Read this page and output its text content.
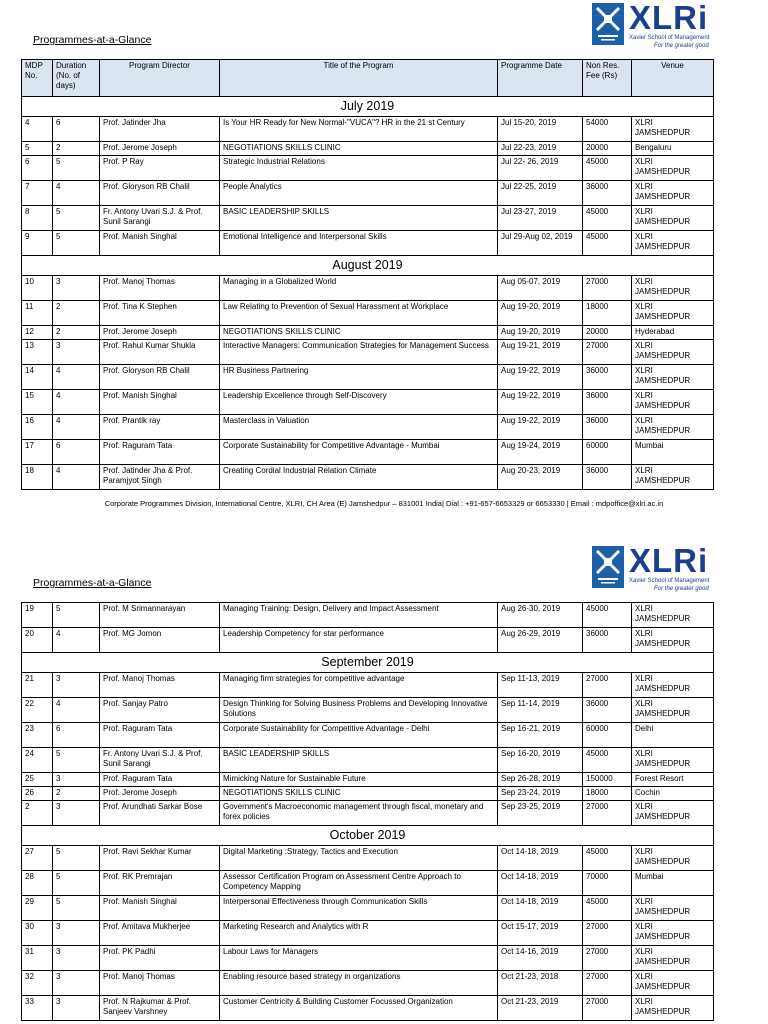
Programmes-at-a-Glance
XLRi
Xavier School of Management
For the greater good
MDP No.	Duration (No. of days)	Program Director	Title of the Program	Programme Date	Non Res. Fee (Rs)	Venue
July 2019						
4	6	Prof. Jatinder Jha	Is Your HR Ready for New Normal-"VUCA"? HR in the 21 st Century	Jul 15-20, 2019	54000	XLRI JAMSHEDPUR
5	2	Prof. Jerome Joseph	NEGOTIATIONS SKILLS CLINIC	Jul 22-23, 2019	20000	Bengaluru
6	5	Prof. P Ray	Strategic Industrial Relations	Jul 22- 26, 2019	45000	XLRI JAMSHEDPUR
7	4	Prof. Gloryson RB Chalil	People Analytics	Jul 22-25, 2019	36000	XLRI JAMSHEDPUR
8	5	Fr. Antony Uvari S.J. & Prof. Sunil Sarangi	BASIC LEADERSHIP SKILLS	Jul 23-27, 2019	45000	XLRI JAMSHEDPUR
9	5	Prof. Manish Singhal	Emotional Intelligence and Interpersonal Skills	Jul 29-Aug 02, 2019	45000	XLRI JAMSHEDPUR
August 2019						
10	3	Prof. Manoj Thomas	Managing in a Globalized World	Aug 05-07, 2019	27000	XLRI JAMSHEDPUR
11	2	Prof. Tina K Stephen	Law Relating to Prevention of Sexual Harassment at Workplace	Aug 19-20, 2019	18000	XLRI JAMSHEDPUR
12	2	Prof. Jerome Joseph	NEGOTIATIONS SKILLS CLINIC	Aug 19-20, 2019	20000	Hyderabad
13	3	Prof. Rahul Kumar Shukla	Interactive Managers: Communication Strategies for Management Success	Aug 19-21, 2019	27000	XLRI JAMSHEDPUR
14	4	Prof. Gloryson RB Chalil	HR Business Partnering	Aug 19-22, 2019	36000	XLRI JAMSHEDPUR
15	4	Prof. Manish Singhal	Leadership Excellence through Self-Discovery	Aug 19-22, 2019	36000	XLRI JAMSHEDPUR
16	4	Prof. Prantik ray	Masterclass in Valuation	Aug 19-22, 2019	36000	XLRI JAMSHEDPUR
17	6	Prof. Raguram Tata	Corporate Sustainability for Competitive Advantage - Mumbai	Aug 19-24, 2019	60000	Mumbai
18	4	Prof. Jatinder Jha & Prof. Paramjyot Singh	Creating Cordial Industrial Relation Climate	Aug 20-23, 2019	36000	XLRI JAMSHEDPUR
Corporate Programmes Division, International Centre, XLRI, CH Area (E) Jamshedpur – 831001 India| Dial : +91-657-6653329 or 6653330 | Email : mdpoffice@xlri.ac.in
Programmes-at-a-Glance
XLRi
Xavier School of Management
For the greater good
19	5	Prof. M Srimannarayan	Managing Training: Design, Delivery and Impact Assessment	Aug 26-30, 2019	45000	XLRI JAMSHEDPUR
20	4	Prof. MG Jomon	Leadership Competency for star performance	Aug 26-29, 2019	36000	XLRI JAMSHEDPUR
September 2019						
21	3	Prof. Manoj Thomas	Managing firm strategies for competitive advantage	Sep 11-13, 2019	27000	XLRI JAMSHEDPUR
22	4	Prof. Sanjay Patro	Design Thinking for Solving Business Problems and Developing Innovative Solutions	Sep 11-14, 2019	36000	XLRI JAMSHEDPUR
23	6	Prof. Raguram Tata	Corporate Sustainability for Competitive Advantage - Delhi	Sep 16-21, 2019	60000	Delhi
24	5	Fr. Antony Uvari S.J. & Prof. Sunil Sarangi	BASIC LEADERSHIP SKILLS	Sep 16-20, 2019	45000	XLRI JAMSHEDPUR
25	3	Prof. Raguram Tata	Mimicking Nature for Sustainable Future	Sep 26-28, 2019	150000	Forest Resort
26	2	Prof. Jerome Joseph	NEGOTIATIONS SKILLS CLINIC	Sep 23-24, 2019	18000	Cochin
2	3	Prof. Arundhati Sarkar Bose	Government's Macroeconomic management through fiscal, monetary and forex policies	Sep 23-25, 2019	27000	XLRI JAMSHEDPUR
October 2019						
27	5	Prof. Ravi Sekhar Kumar	Digital Marketing :Strategy, Tactics and Execution	Oct 14-18, 2019	45000	XLRI JAMSHEDPUR
28	5	Prof. RK Premrajan	Assessor Certification Program on Assessment Centre Approach to Competency Mapping	Oct 14-18, 2019	70000	Mumbai
29	5	Prof. Manish Singhal	Interpersonal Effectiveness through Communication Skills	Oct 14-18, 2019	45000	XLRI JAMSHEDPUR
30	3	Prof. Amitava Mukherjee	Marketing Research and Analytics with R	Oct 15-17, 2019	27000	XLRI JAMSHEDPUR
31	3	Prof. PK Padhi	Labour Laws for Managers	Oct 14-16, 2019	27000	XLRI JAMSHEDPUR
32	3	Prof. Manoj Thomas	Enabling resource based strategy in organizations	Oct 21-23, 2018	27000	XLRI JAMSHEDPUR
33	3	Prof. N Rajkumar & Prof. Sanjeev Varshney	Customer Centricity & Building Customer Focussed Organization	Oct 21-23, 2019	27000	XLRI JAMSHEDPUR
